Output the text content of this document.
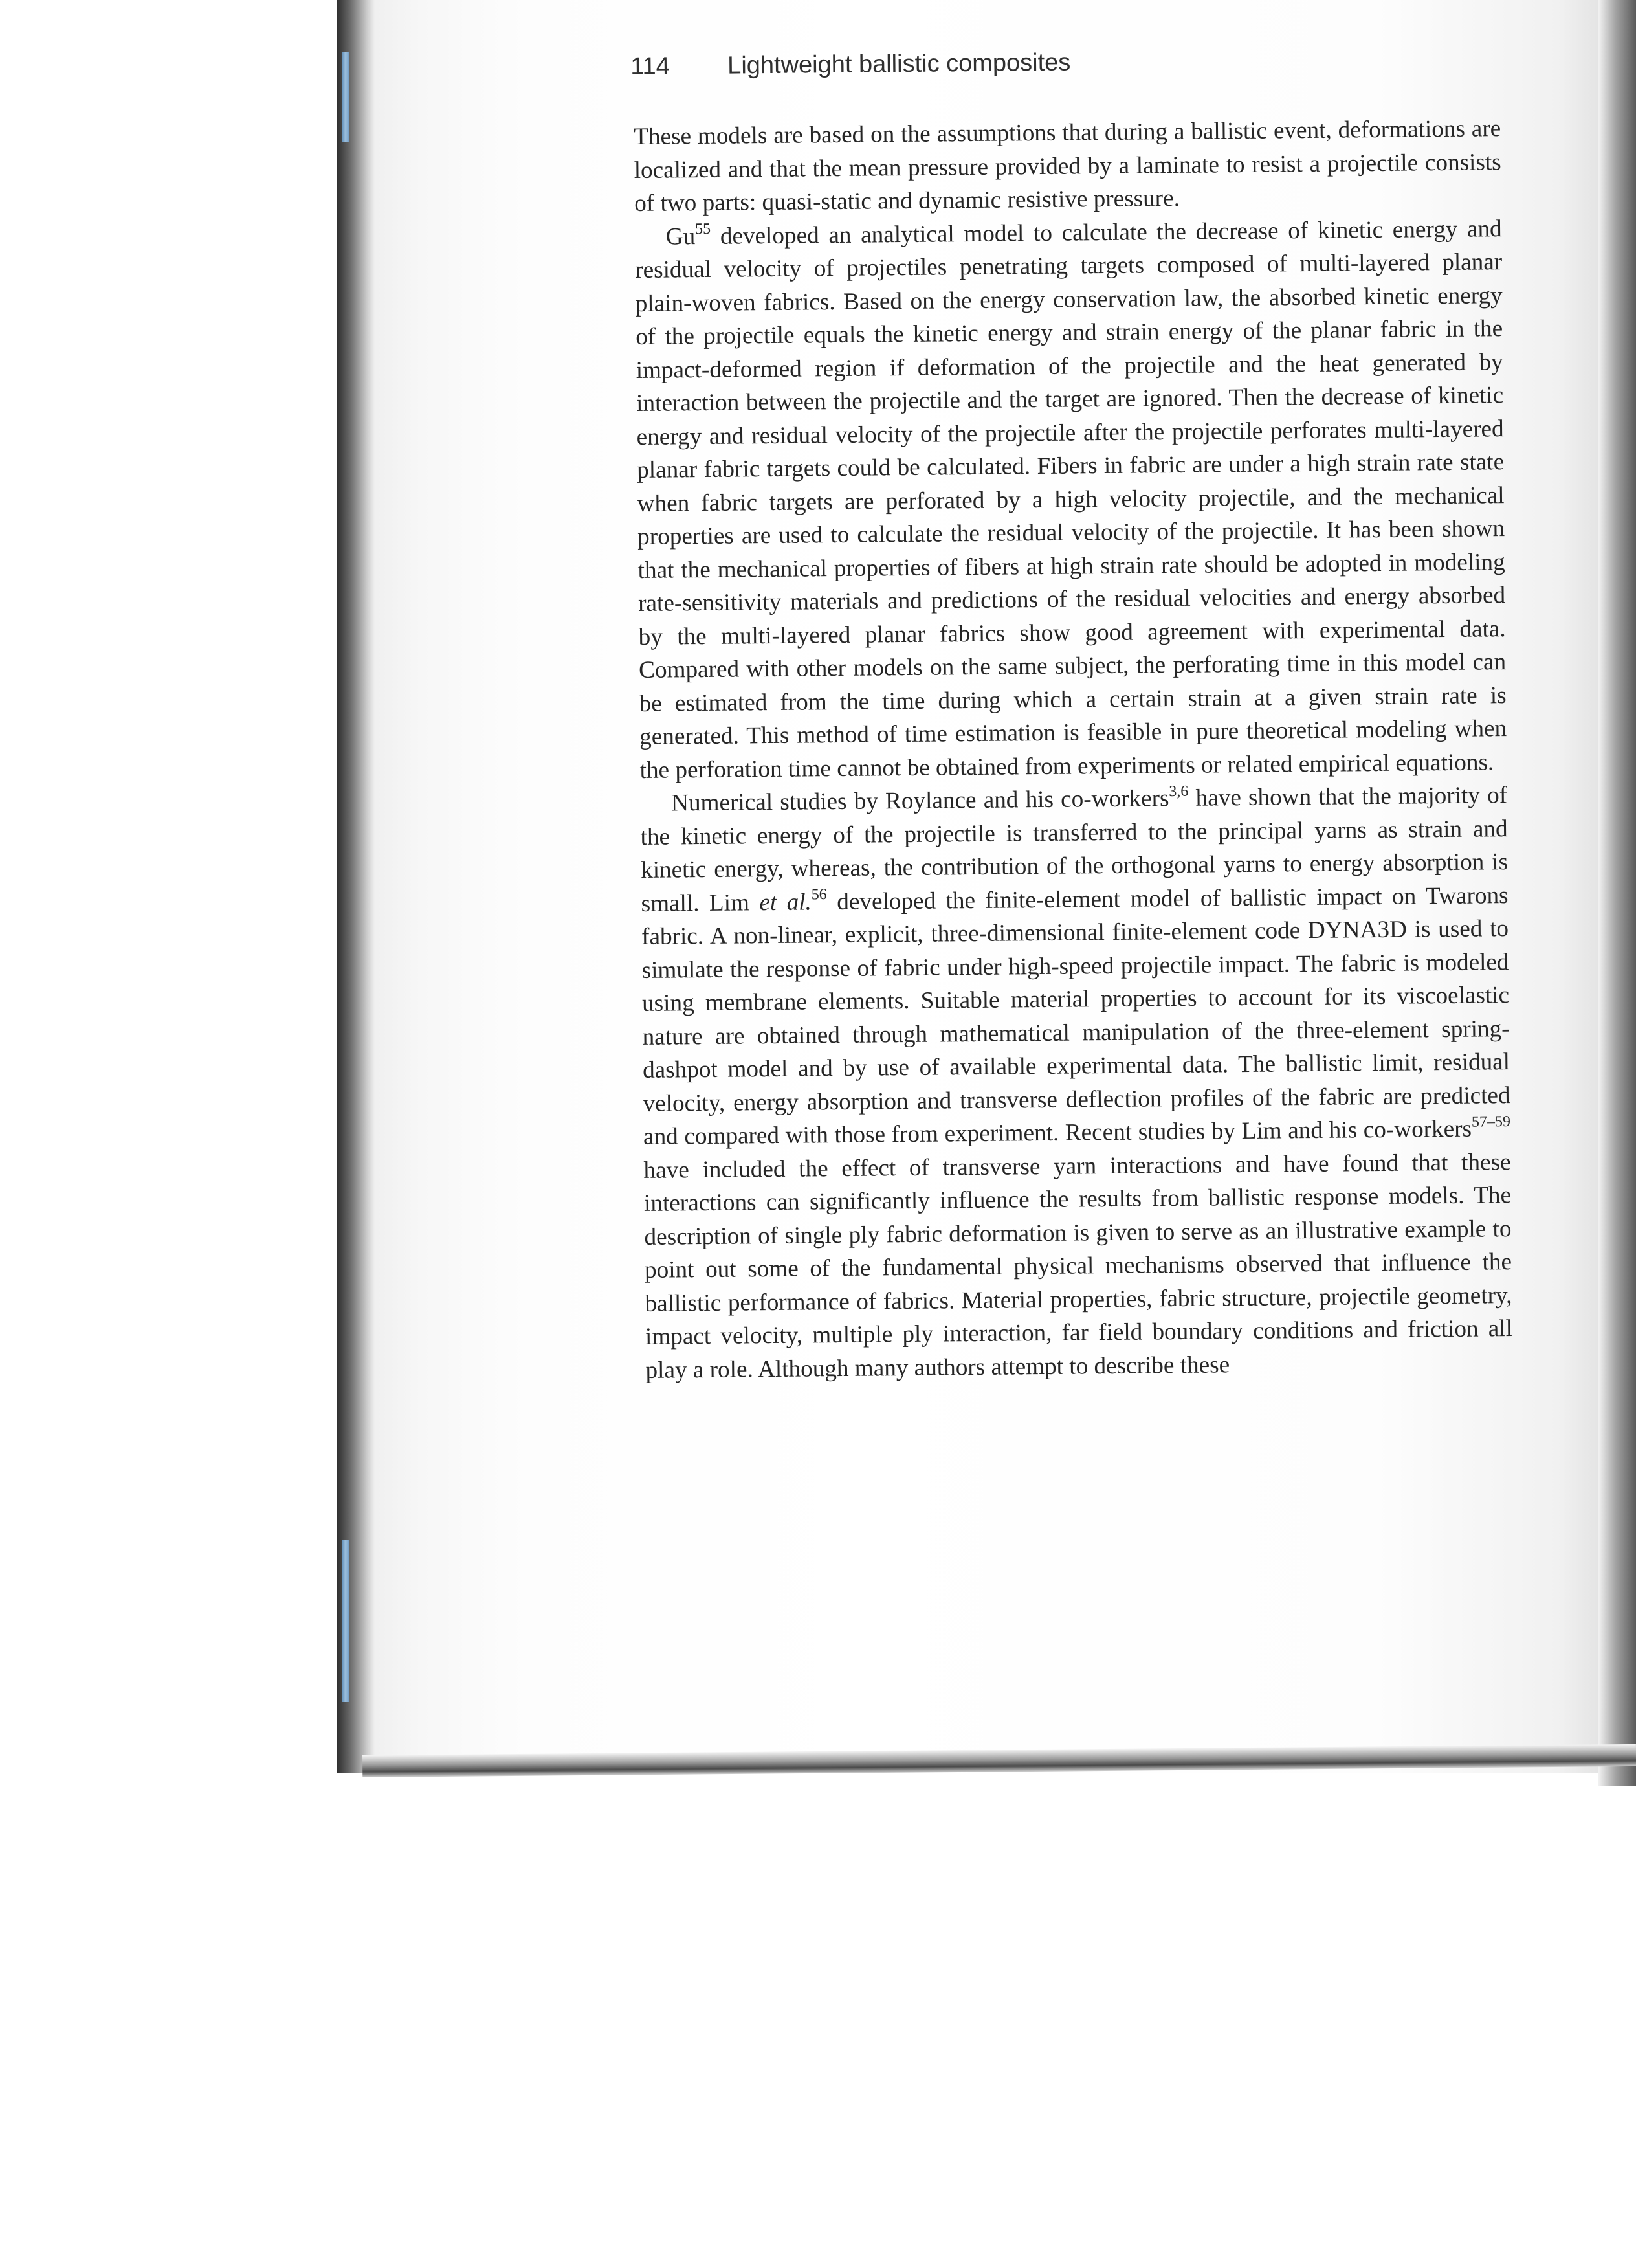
114	Lightweight ballistic composites

These models are based on the assumptions that during a ballistic event, deformations are localized and that the mean pressure provided by a laminate to resist a projectile consists of two parts: quasi-static and dynamic resistive pressure.

Gu$^{55}$ developed an analytical model to calculate the decrease of kinetic energy and residual velocity of projectiles penetrating targets composed of multi-layered planar plain-woven fabrics. Based on the energy conservation law, the absorbed kinetic energy of the projectile equals the kinetic energy and strain energy of the planar fabric in the impact-deformed region if deformation of the projectile and the heat generated by interaction between the projectile and the target are ignored. Then the decrease of kinetic energy and residual velocity of the projectile after the projectile perforates multi-layered planar fabric targets could be calculated. Fibers in fabric are under a high strain rate state when fabric targets are perforated by a high velocity projectile, and the mechanical properties are used to calculate the residual velocity of the projectile. It has been shown that the mechanical properties of fibers at high strain rate should be adopted in modeling rate-sensitivity materials and predictions of the residual velocities and energy absorbed by the multi-layered planar fabrics show good agreement with experimental data. Compared with other models on the same subject, the perforating time in this model can be estimated from the time during which a certain strain at a given strain rate is generated. This method of time estimation is feasible in pure theoretical modeling when the perforation time cannot be obtained from experiments or related empirical equations.

Numerical studies by Roylance and his co-workers$^{3,6}$ have shown that the majority of the kinetic energy of the projectile is transferred to the principal yarns as strain and kinetic energy, whereas, the contribution of the orthogonal yarns to energy absorption is small. Lim et al.$^{56}$ developed the finite-element model of ballistic impact on Twarons fabric. A non-linear, explicit, three-dimensional finite-element code DYNA3D is used to simulate the response of fabric under high-speed projectile impact. The fabric is modeled using membrane elements. Suitable material properties to account for its viscoelastic nature are obtained through mathematical manipulation of the three-element spring-dashpot model and by use of available experimental data. The ballistic limit, residual velocity, energy absorption and transverse deflection profiles of the fabric are predicted and compared with those from experiment. Recent studies by Lim and his co-workers$^{57-59}$ have included the effect of transverse yarn interactions and have found that these interactions can significantly influence the results from ballistic response models. The description of single ply fabric deformation is given to serve as an illustrative example to point out some of the fundamental physical mechanisms observed that influence the ballistic performance of fabrics. Material properties, fabric structure, projectile geometry, impact velocity, multiple ply interaction, far field boundary conditions and friction all play a role. Although many authors attempt to describe these
